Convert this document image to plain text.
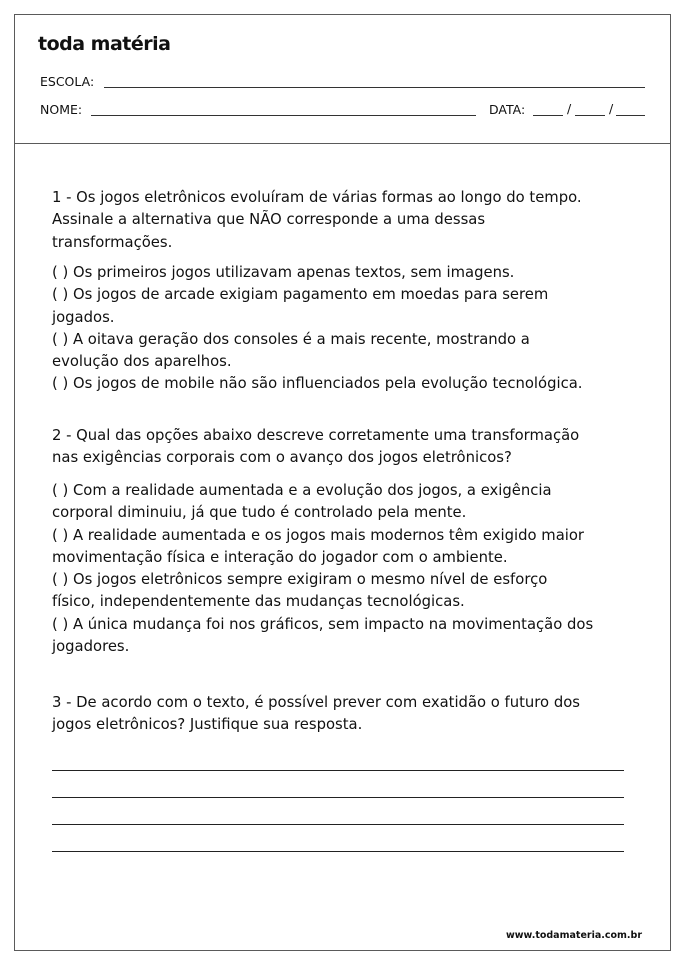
toda matéria
ESCOLA:
NOME:	DATA:	/	/

1 - Os jogos eletrônicos evoluíram de várias formas ao longo do tempo.

Assinale a alternativa que NÃO corresponde a uma dessas

transformações.

( ) Os primeiros jogos utilizavam apenas textos, sem imagens.

( ) Os jogos de arcade exigiam pagamento em moedas para serem

jogados.

( ) A oitava geração dos consoles é a mais recente, mostrando a

evolução dos aparelhos.

( ) Os jogos de mobile não são influenciados pela evolução tecnológica.

2 - Qual das opções abaixo descreve corretamente uma transformação

nas exigências corporais com o avanço dos jogos eletrônicos?

( ) Com a realidade aumentada e a evolução dos jogos, a exigência

corporal diminuiu, já que tudo é controlado pela mente.

( ) A realidade aumentada e os jogos mais modernos têm exigido maior

movimentação física e interação do jogador com o ambiente.

( ) Os jogos eletrônicos sempre exigiram o mesmo nível de esforço

físico, independentemente das mudanças tecnológicas.

( ) A única mudança foi nos gráficos, sem impacto na movimentação dos

jogadores.

3 - De acordo com o texto, é possível prever com exatidão o futuro dos

jogos eletrônicos? Justifique sua resposta.

www.todamateria.com.br
